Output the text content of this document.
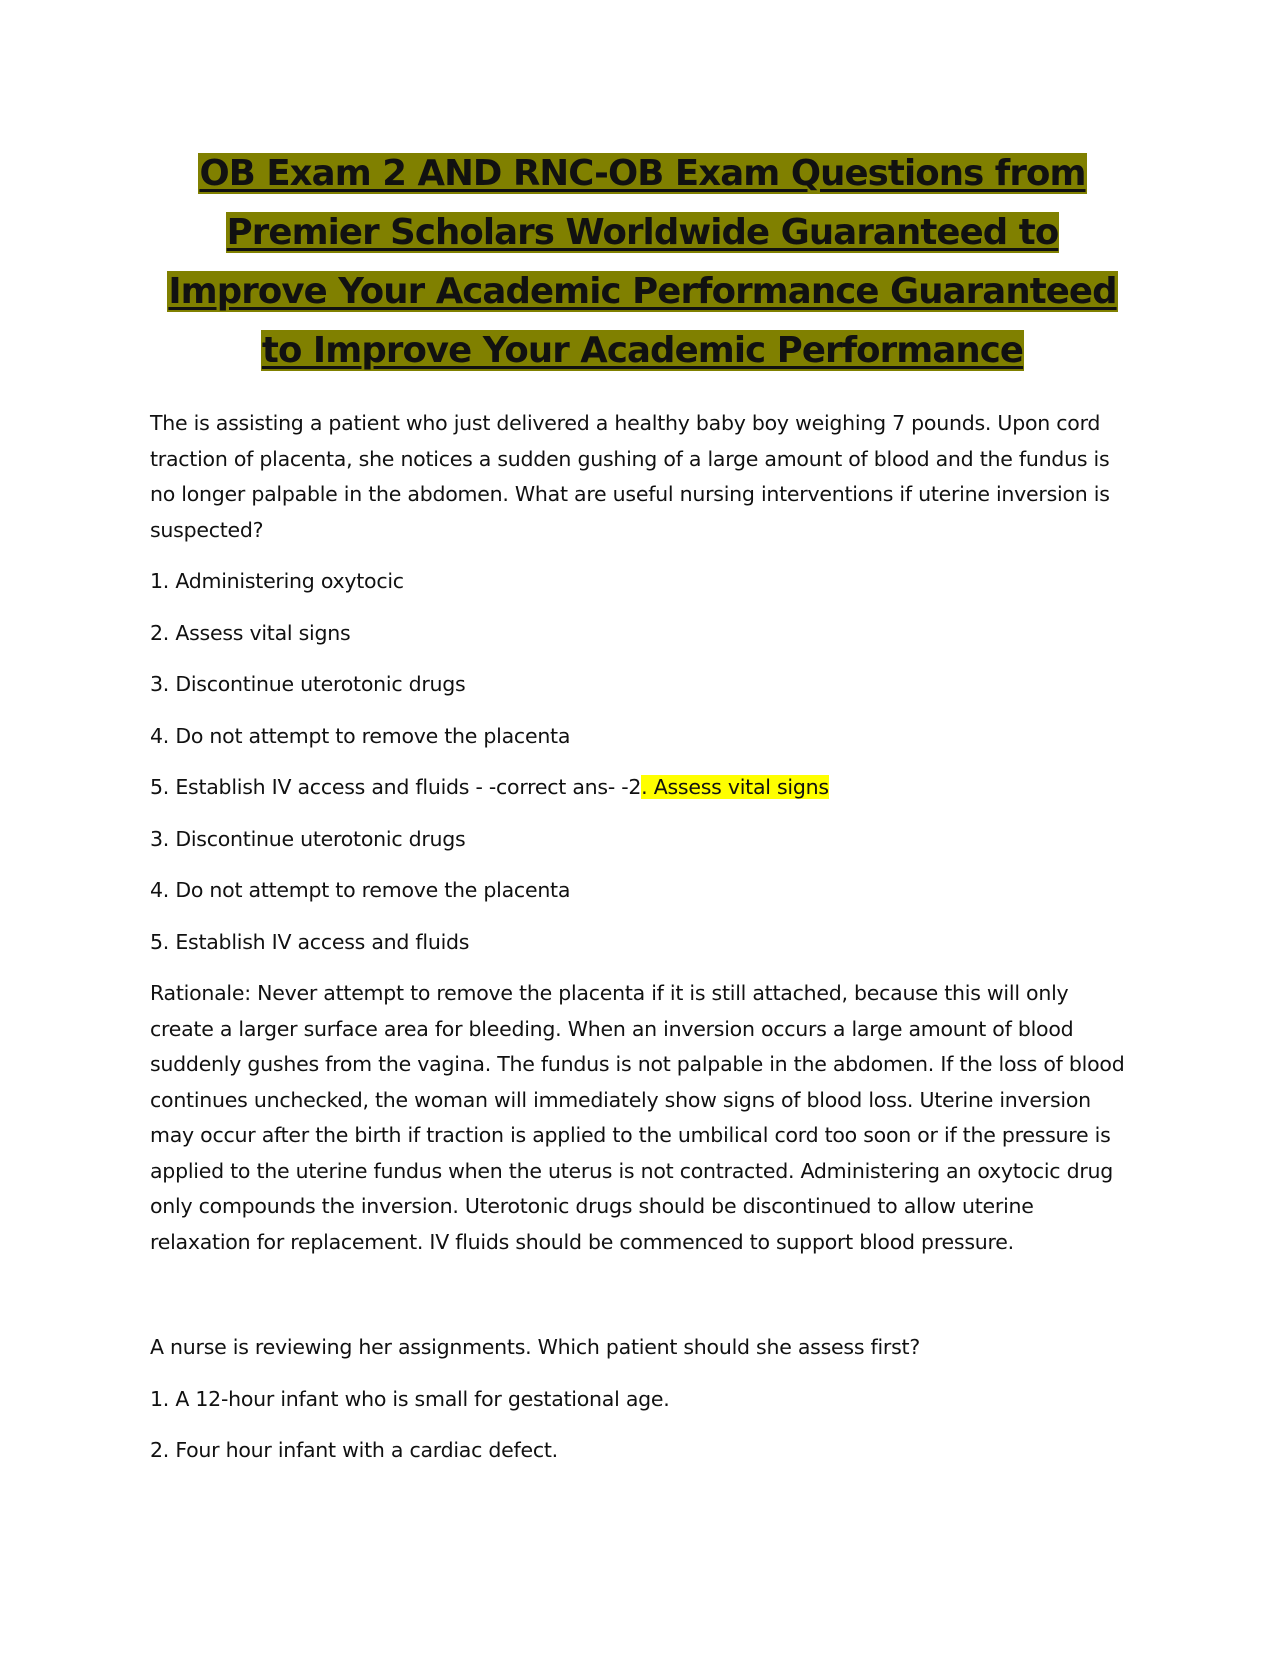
OB Exam 2 AND RNC-OB Exam Questions from
Premier Scholars Worldwide Guaranteed to
Improve Your Academic Performance Guaranteed
to Improve Your Academic Performance

The is assisting a patient who just delivered a healthy baby boy weighing 7 pounds. Upon cord traction of placenta, she notices a sudden gushing of a large amount of blood and the fundus is no longer palpable in the abdomen. What are useful nursing interventions if uterine inversion is suspected?

1. Administering oxytocic

2. Assess vital signs

3. Discontinue uterotonic drugs

4. Do not attempt to remove the placenta

5. Establish IV access and fluids - -correct ans- -2. Assess vital signs

3. Discontinue uterotonic drugs

4. Do not attempt to remove the placenta

5. Establish IV access and fluids

Rationale: Never attempt to remove the placenta if it is still attached, because this will only create a larger surface area for bleeding. When an inversion occurs a large amount of blood suddenly gushes from the vagina. The fundus is not palpable in the abdomen. If the loss of blood continues unchecked, the woman will immediately show signs of blood loss. Uterine inversion may occur after the birth if traction is applied to the umbilical cord too soon or if the pressure is applied to the uterine fundus when the uterus is not contracted. Administering an oxytocic drug only compounds the inversion. Uterotonic drugs should be discontinued to allow uterine relaxation for replacement. IV fluids should be commenced to support blood pressure.

A nurse is reviewing her assignments. Which patient should she assess first?

1. A 12-hour infant who is small for gestational age.

2. Four hour infant with a cardiac defect.
